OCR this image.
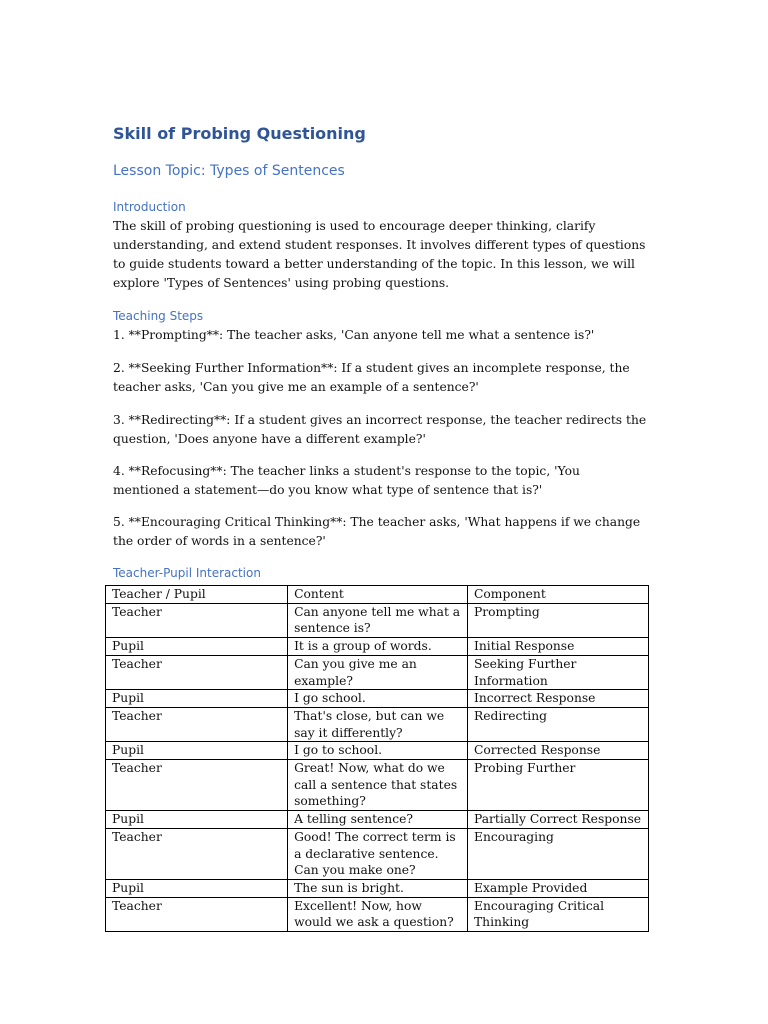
Skill of Probing Questioning
Lesson Topic: Types of Sentences
Introduction

The skill of probing questioning is used to encourage deeper thinking, clarify understanding, and extend student responses. It involves different types of questions to guide students toward a better understanding of the topic. In this lesson, we will explore 'Types of Sentences' using probing questions.

Teaching Steps

1. **Prompting**: The teacher asks, 'Can anyone tell me what a sentence is?'

2. **Seeking Further Information**: If a student gives an incomplete response, the teacher asks, 'Can you give me an example of a sentence?'

3. **Redirecting**: If a student gives an incorrect response, the teacher redirects the question, 'Does anyone have a different example?'

4. **Refocusing**: The teacher links a student's response to the topic, 'You mentioned a statement—do you know what type of sentence that is?'

5. **Encouraging Critical Thinking**: The teacher asks, 'What happens if we change the order of words in a sentence?'

Teacher-Pupil Interaction
Teacher / Pupil	Content	Component
Teacher	Can anyone tell me what a sentence is?	Prompting
Pupil	It is a group of words.	Initial Response
Teacher	Can you give me an example?	Seeking Further Information
Pupil	I go school.	Incorrect Response
Teacher	That's close, but can we say it differently?	Redirecting
Pupil	I go to school.	Corrected Response
Teacher	Great! Now, what do we call a sentence that states something?	Probing Further
Pupil	A telling sentence?	Partially Correct Response
Teacher	Good! The correct term is a declarative sentence. Can you make one?	Encouraging
Pupil	The sun is bright.	Example Provided
Teacher	Excellent! Now, how would we ask a question?	Encouraging Critical Thinking
